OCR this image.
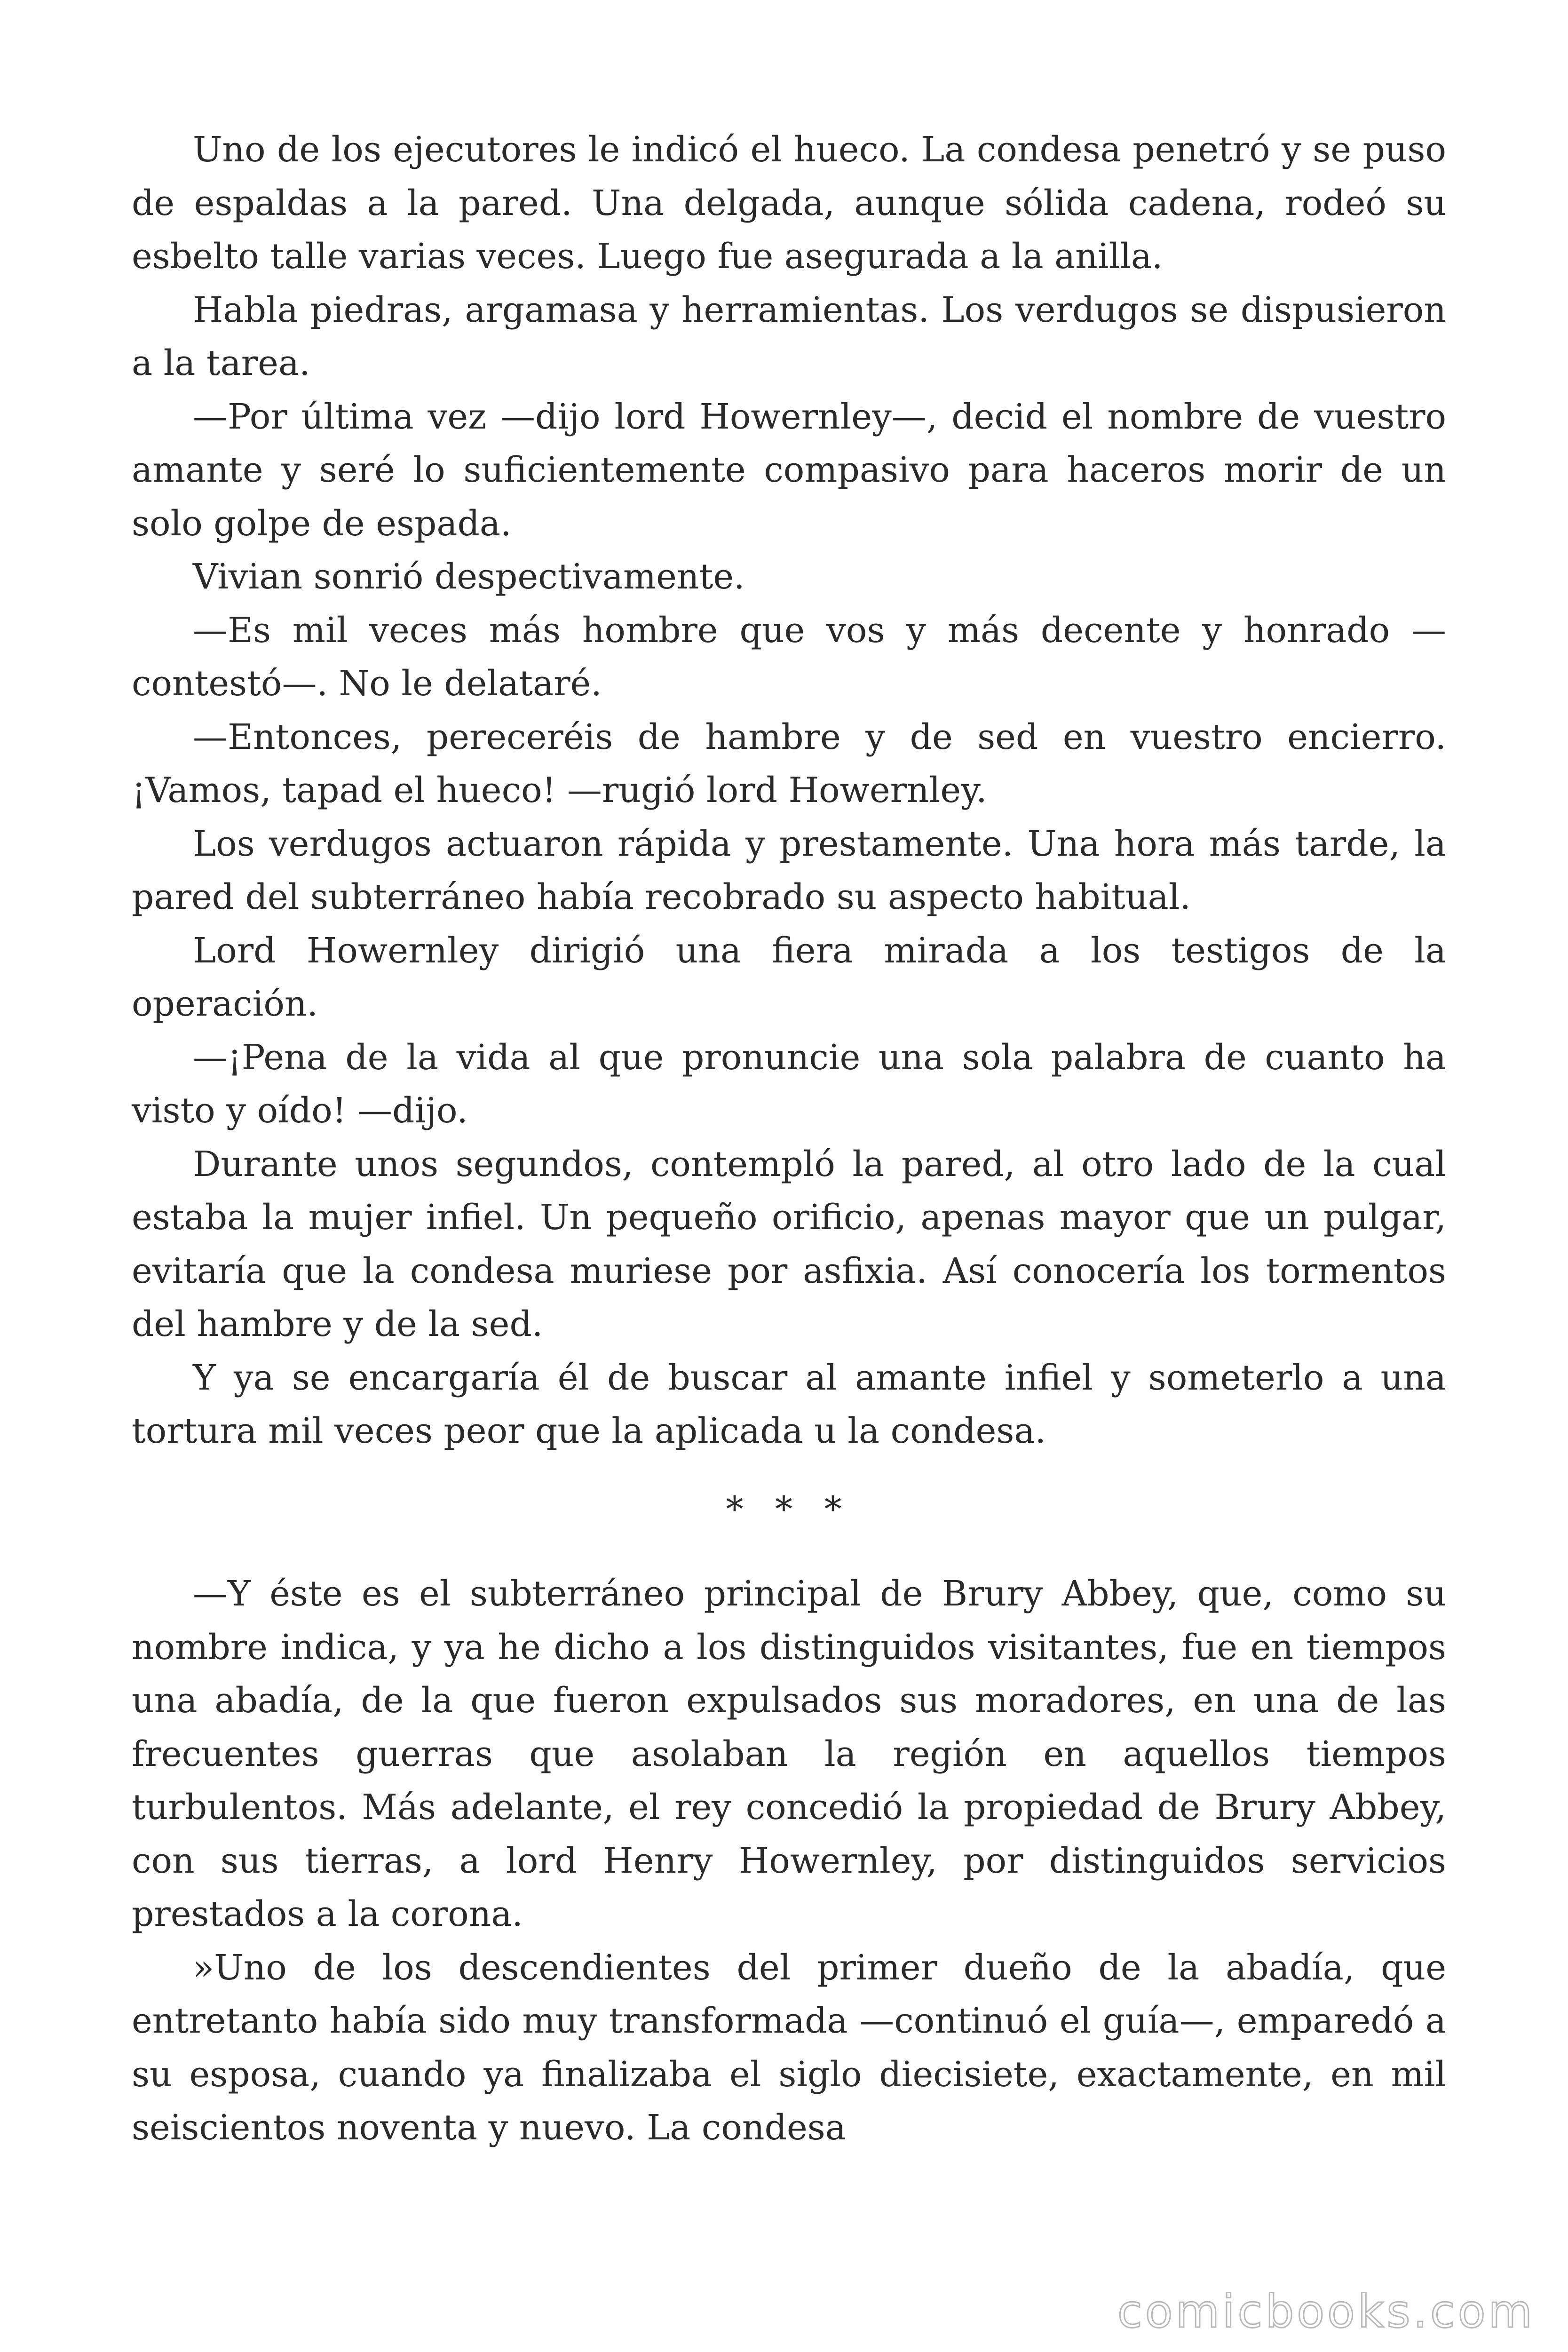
Uno de los ejecutores le indicó el hueco. La condesa penetró y se puso de espaldas a la pared. Una delgada, aunque sólida cadena, rodeó su esbelto talle varias veces. Luego fue asegurada a la anilla.

Habla piedras, argamasa y herramientas. Los verdugos se dispusieron a la tarea.

—Por última vez —dijo lord Howernley—, decid el nombre de vuestro amante y seré lo suficientemente compasivo para haceros morir de un solo golpe de espada.

Vivian sonrió despectivamente.

—Es mil veces más hombre que vos y más decente y honrado —contestó—. No le delataré.

—Entonces, pereceréis de hambre y de sed en vuestro encierro. ¡Vamos, tapad el hueco! —rugió lord Howernley.

Los verdugos actuaron rápida y prestamente. Una hora más tarde, la pared del subterráneo había recobrado su aspecto habitual.

Lord Howernley dirigió una fiera mirada a los testigos de la operación.

—¡Pena de la vida al que pronuncie una sola palabra de cuanto ha visto y oído! —dijo.

Durante unos segundos, contempló la pared, al otro lado de la cual estaba la mujer infiel. Un pequeño orificio, apenas mayor que un pulgar, evitaría que la condesa muriese por asfixia. Así conocería los tormentos del hambre y de la sed.

Y ya se encargaría él de buscar al amante infiel y someterlo a una tortura mil veces peor que la aplicada u la condesa.

* * *

—Y éste es el subterráneo principal de Brury Abbey, que, como su nombre indica, y ya he dicho a los distinguidos visitantes, fue en tiempos una abadía, de la que fueron expulsados sus moradores, en una de las frecuentes guerras que asolaban la región en aquellos tiempos turbulentos. Más adelante, el rey concedió la propiedad de Brury Abbey, con sus tierras, a lord Henry Howernley, por distinguidos servicios prestados a la corona.

»Uno de los descendientes del primer dueño de la abadía, que entretanto había sido muy transformada —continuó el guía—, emparedó a su esposa, cuando ya finalizaba el siglo diecisiete, exactamente, en mil seiscientos noventa y nuevo. La condesa

comicbooks.com
